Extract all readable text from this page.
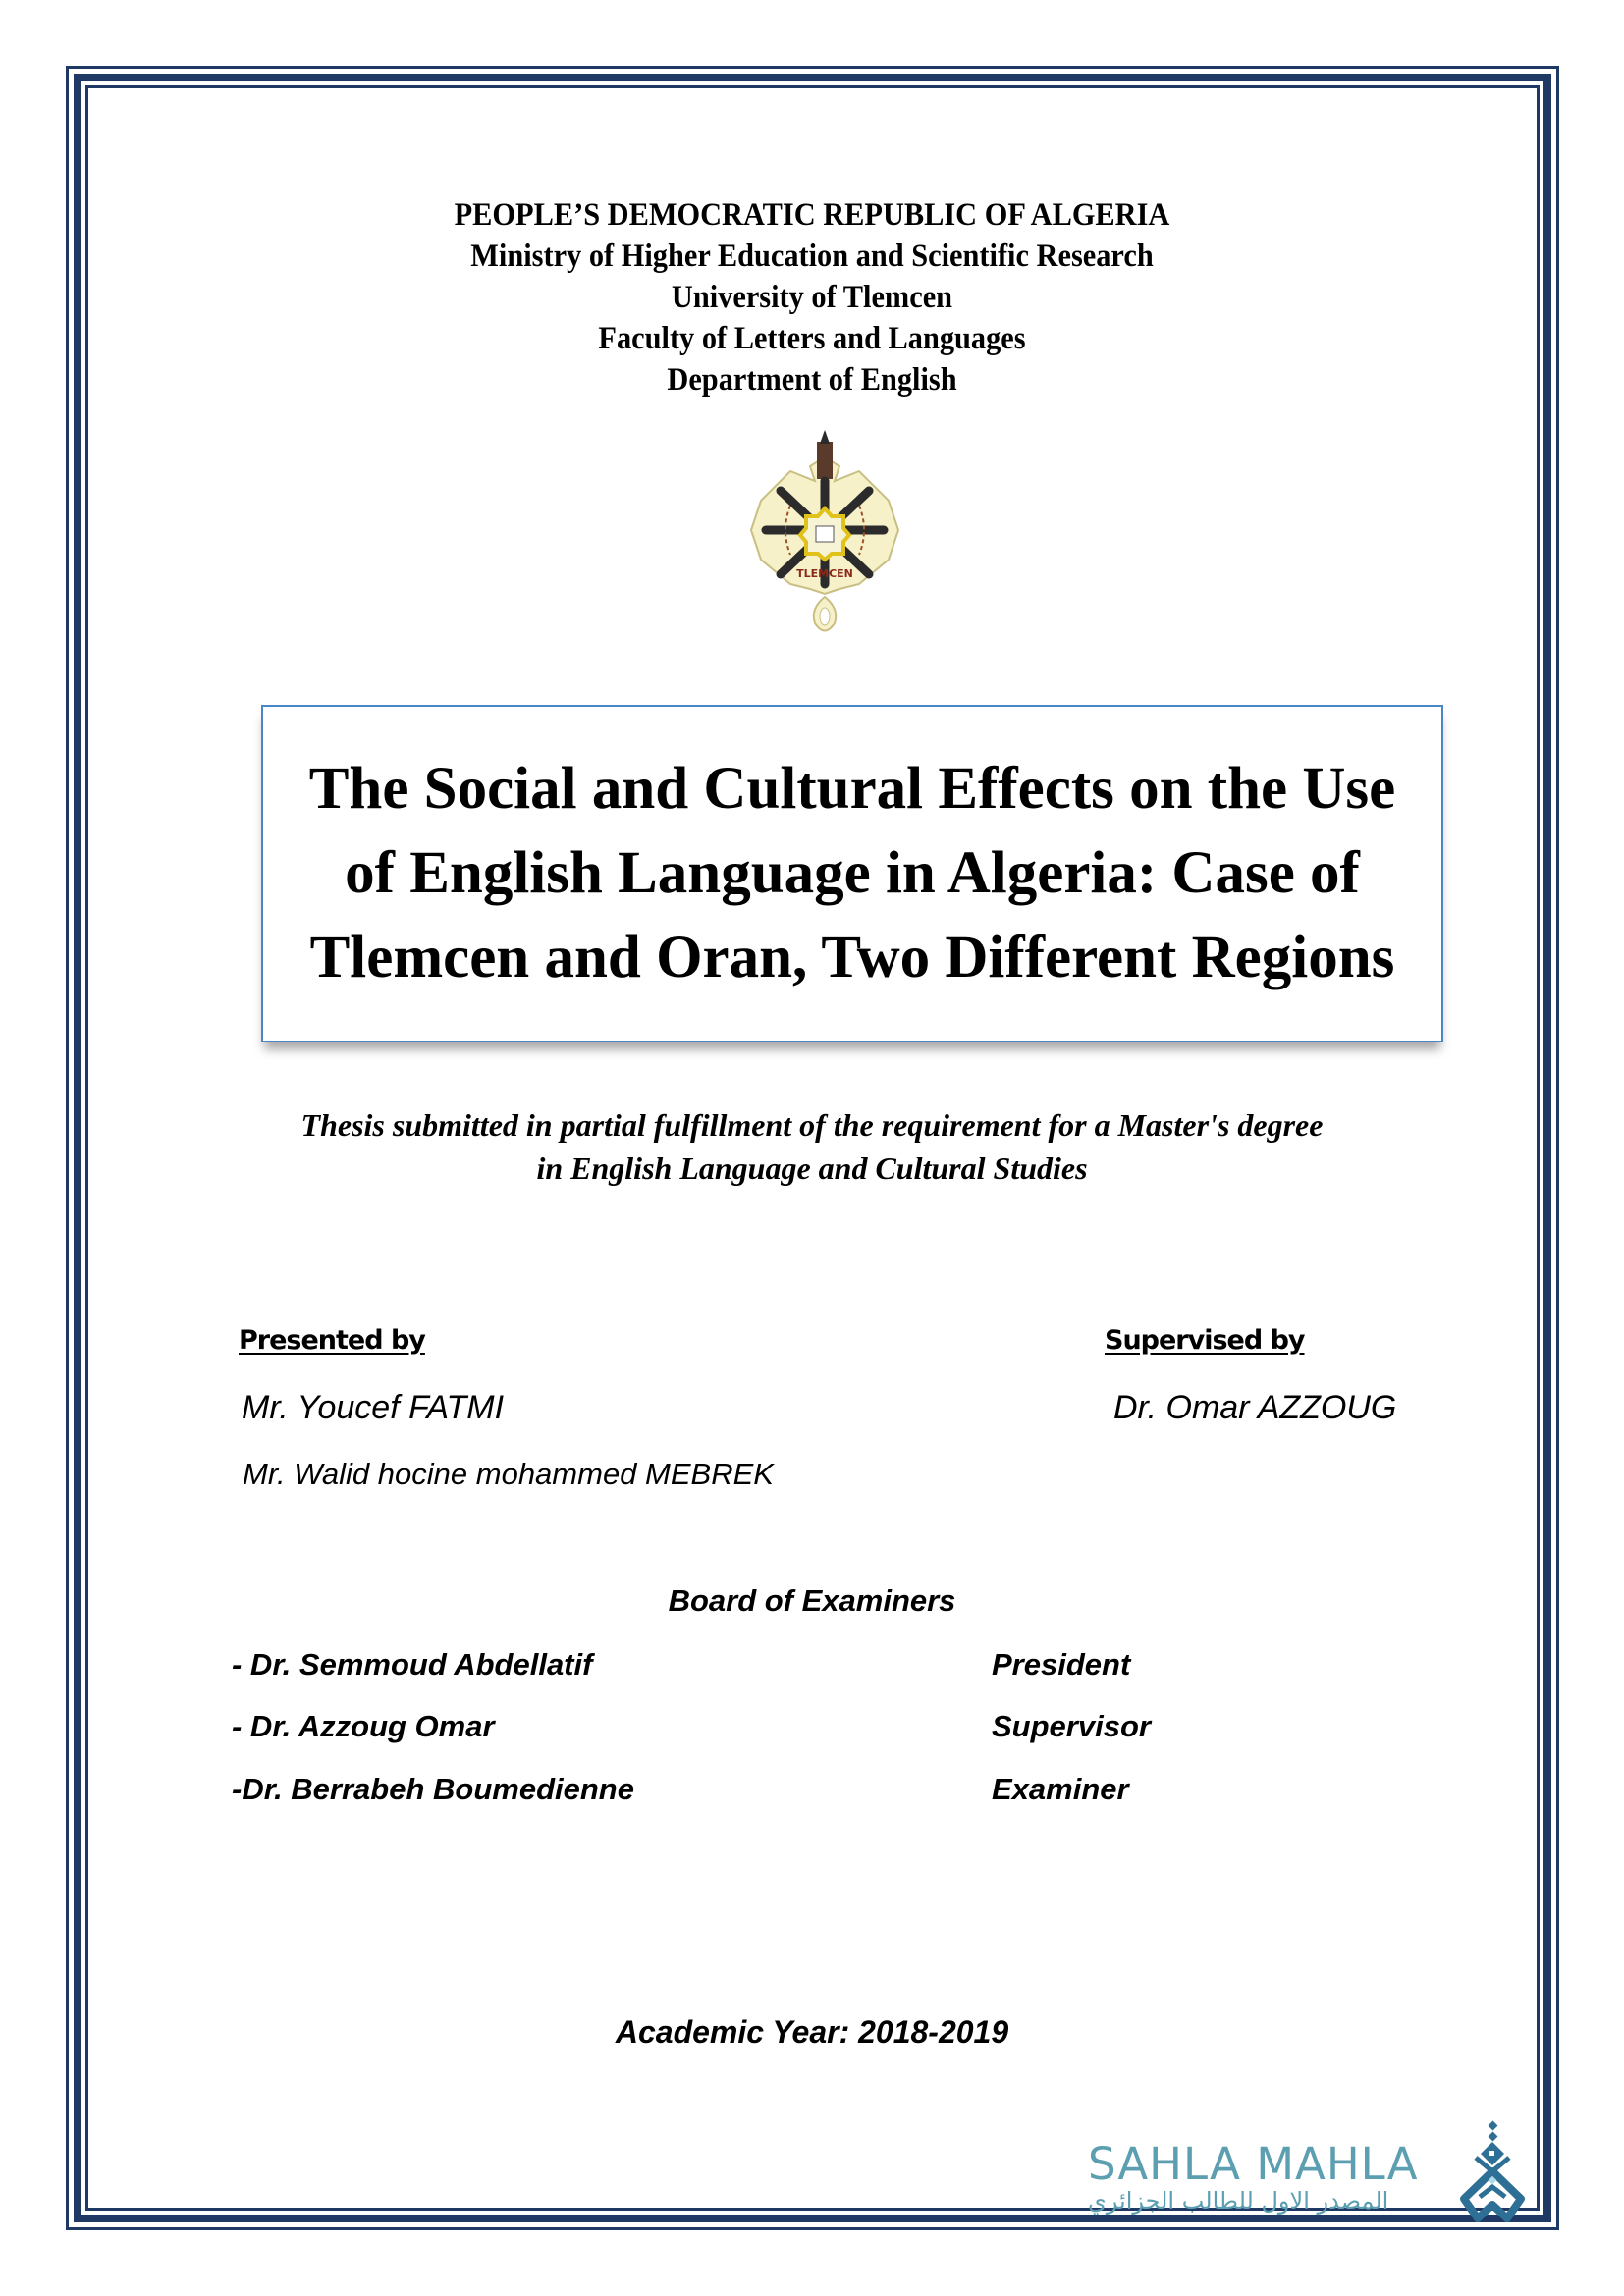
PEOPLE’S DEMOCRATIC REPUBLIC OF ALGERIA
Ministry of Higher Education and Scientific Research
University of Tlemcen
Faculty of Letters and Languages
Department of English
TLEMCEN
The Social and Cultural Effects on the Use
of English Language in Algeria: Case of
Tlemcen and Oran, Two Different Regions
Thesis submitted in partial fulfillment of the requirement for a Master's degree
in English Language and Cultural Studies
Presented by	Supervised by
Mr. Youcef FATMI	Dr. Omar AZZOUG
Mr. Walid hocine mohammed MEBREK
Board of Examiners
- Dr. Semmoud Abdellatif	President
- Dr. Azzoug Omar	Supervisor
-Dr. Berrabeh Boumedienne	Examiner
Academic Year: 2018-2019
SAHLA MAHLA
المصدر الاول للطالب الجزائري
